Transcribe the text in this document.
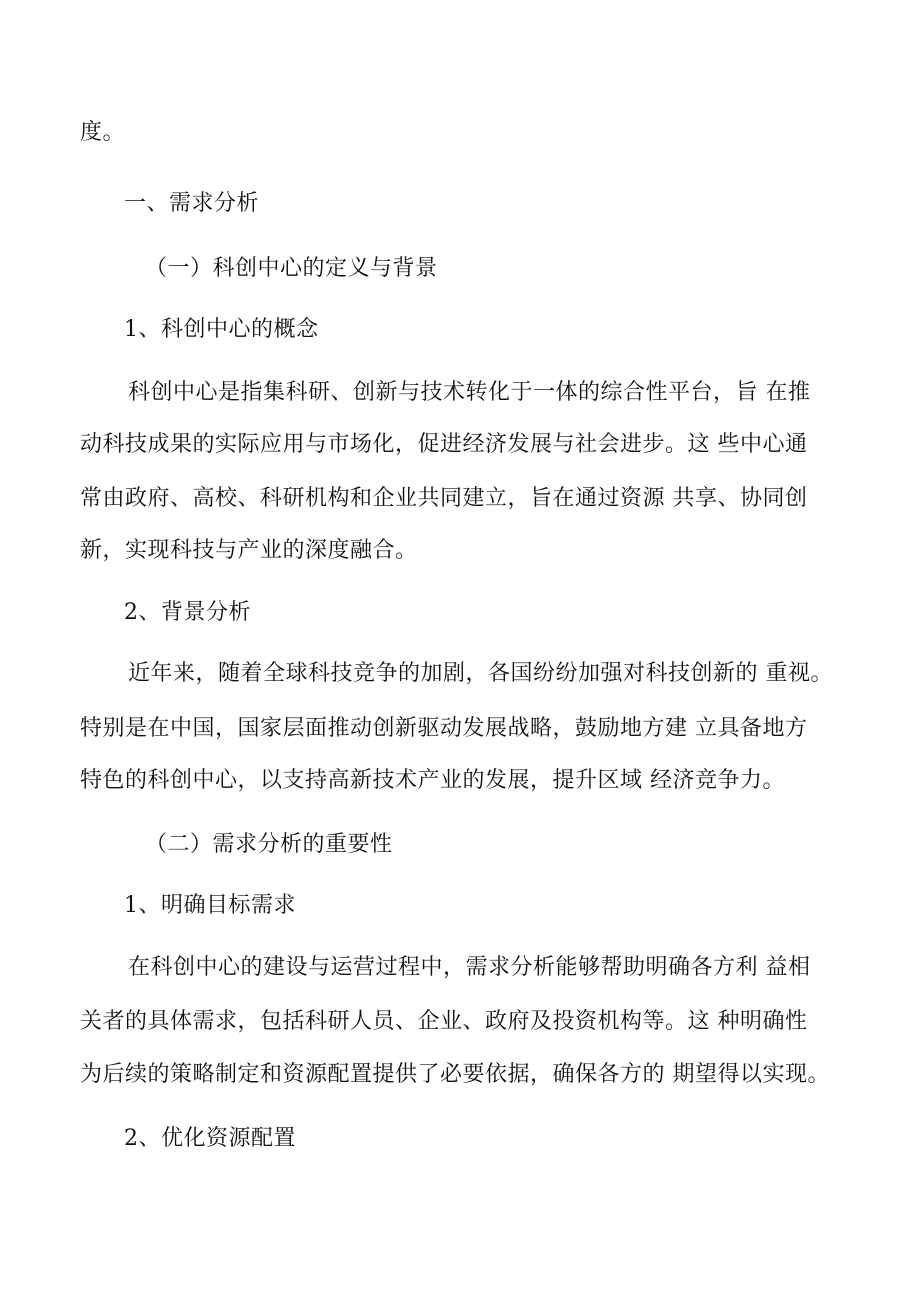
度。
一、需求分析
（一）科创中心的定义与背景
1、科创中心的概念
科创中心是指集科研、创新与技术转化于一体的综合性平台，旨 在推
动科技成果的实际应用与市场化，促进经济发展与社会进步。这 些中心通
常由政府、高校、科研机构和企业共同建立，旨在通过资源 共享、协同创
新，实现科技与产业的深度融合。
2、背景分析
近年来，随着全球科技竞争的加剧，各国纷纷加强对科技创新的 重视。
特别是在中国，国家层面推动创新驱动发展战略，鼓励地方建 立具备地方
特色的科创中心，以支持高新技术产业的发展，提升区域 经济竞争力。
（二）需求分析的重要性
1、明确目标需求
在科创中心的建设与运营过程中，需求分析能够帮助明确各方利 益相
关者的具体需求，包括科研人员、企业、政府及投资机构等。这 种明确性
为后续的策略制定和资源配置提供了必要依据，确保各方的 期望得以实现。
2、优化资源配置
